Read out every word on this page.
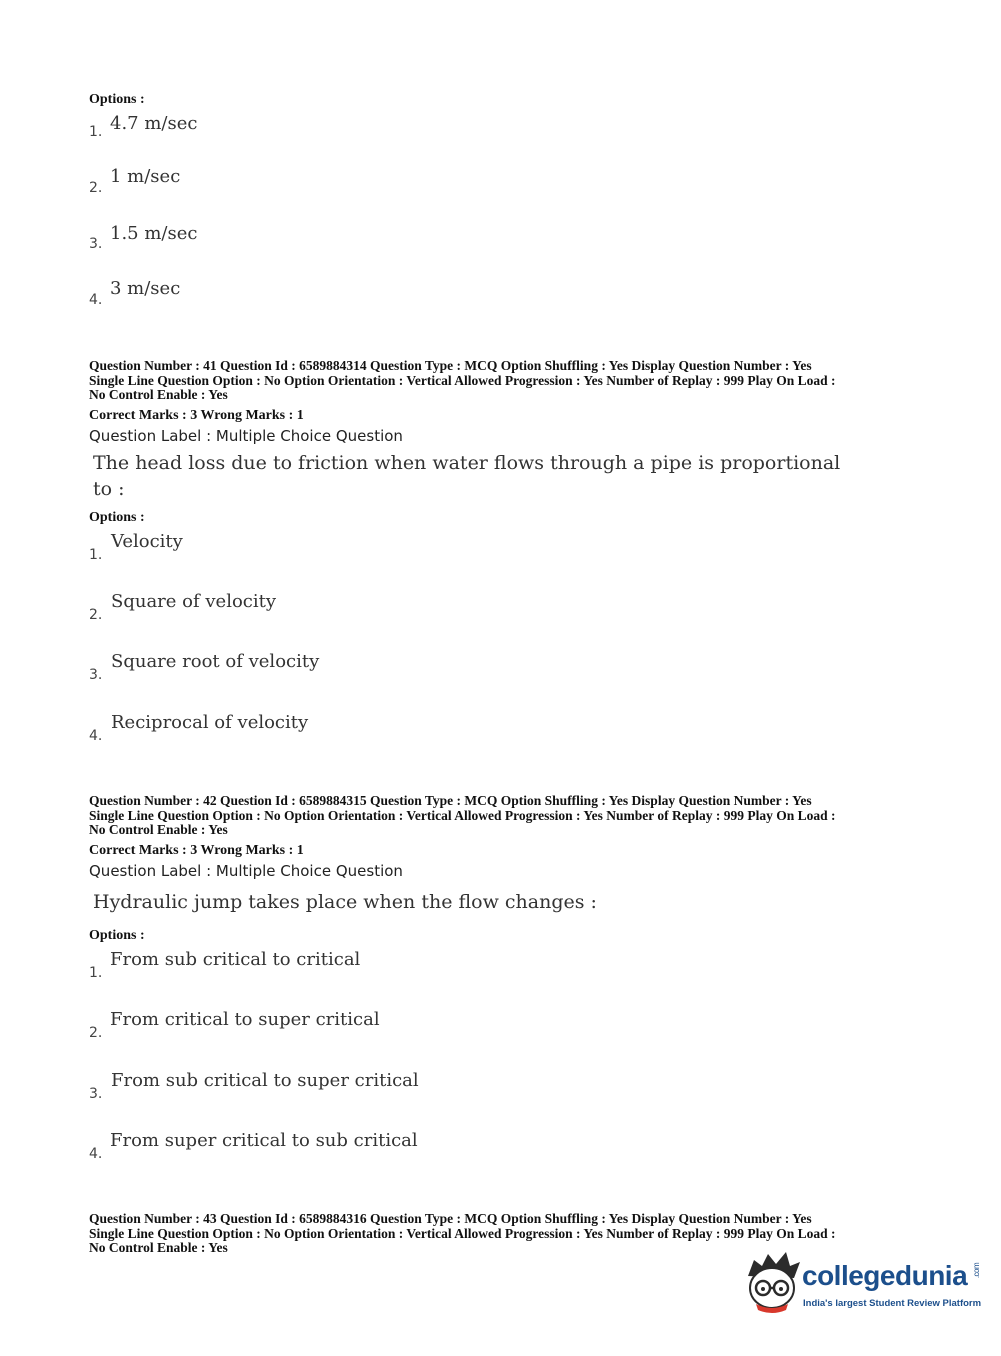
Options :
1. 4.7 m/sec
2.
1 m/sec
3. 1.5 m/sec
4.
3 m/sec
Question Number : 41 Question Id : 6589884314 Question Type : MCQ Option Shuffling : Yes Display Question Number : Yes
Single Line Question Option : No Option Orientation : Vertical Allowed Progression : Yes Number of Replay : 999 Play On Load :
No Control Enable : Yes
Correct Marks : 3 Wrong Marks : 1
Question Label : Multiple Choice Question
The head loss due to friction when water flows through a pipe is proportional
to :
Options :
1.
Velocity
2.
Square of velocity
3.
Square root of velocity
4.
Reciprocal of velocity
Question Number : 42 Question Id : 6589884315 Question Type : MCQ Option Shuffling : Yes Display Question Number : Yes
Single Line Question Option : No Option Orientation : Vertical Allowed Progression : Yes Number of Replay : 999 Play On Load :
No Control Enable : Yes
Correct Marks : 3 Wrong Marks : 1
Question Label : Multiple Choice Question
Hydraulic jump takes place when the flow changes :
Options :
1.
From sub critical to critical
2.
From critical to super critical
3.
From sub critical to super critical
4.
From super critical to sub critical
Question Number : 43 Question Id : 6589884316 Question Type : MCQ Option Shuffling : Yes Display Question Number : Yes
Single Line Question Option : No Option Orientation : Vertical Allowed Progression : Yes Number of Replay : 999 Play On Load :
No Control Enable : Yes
collegedunia .com
India's largest Student Review Platform
